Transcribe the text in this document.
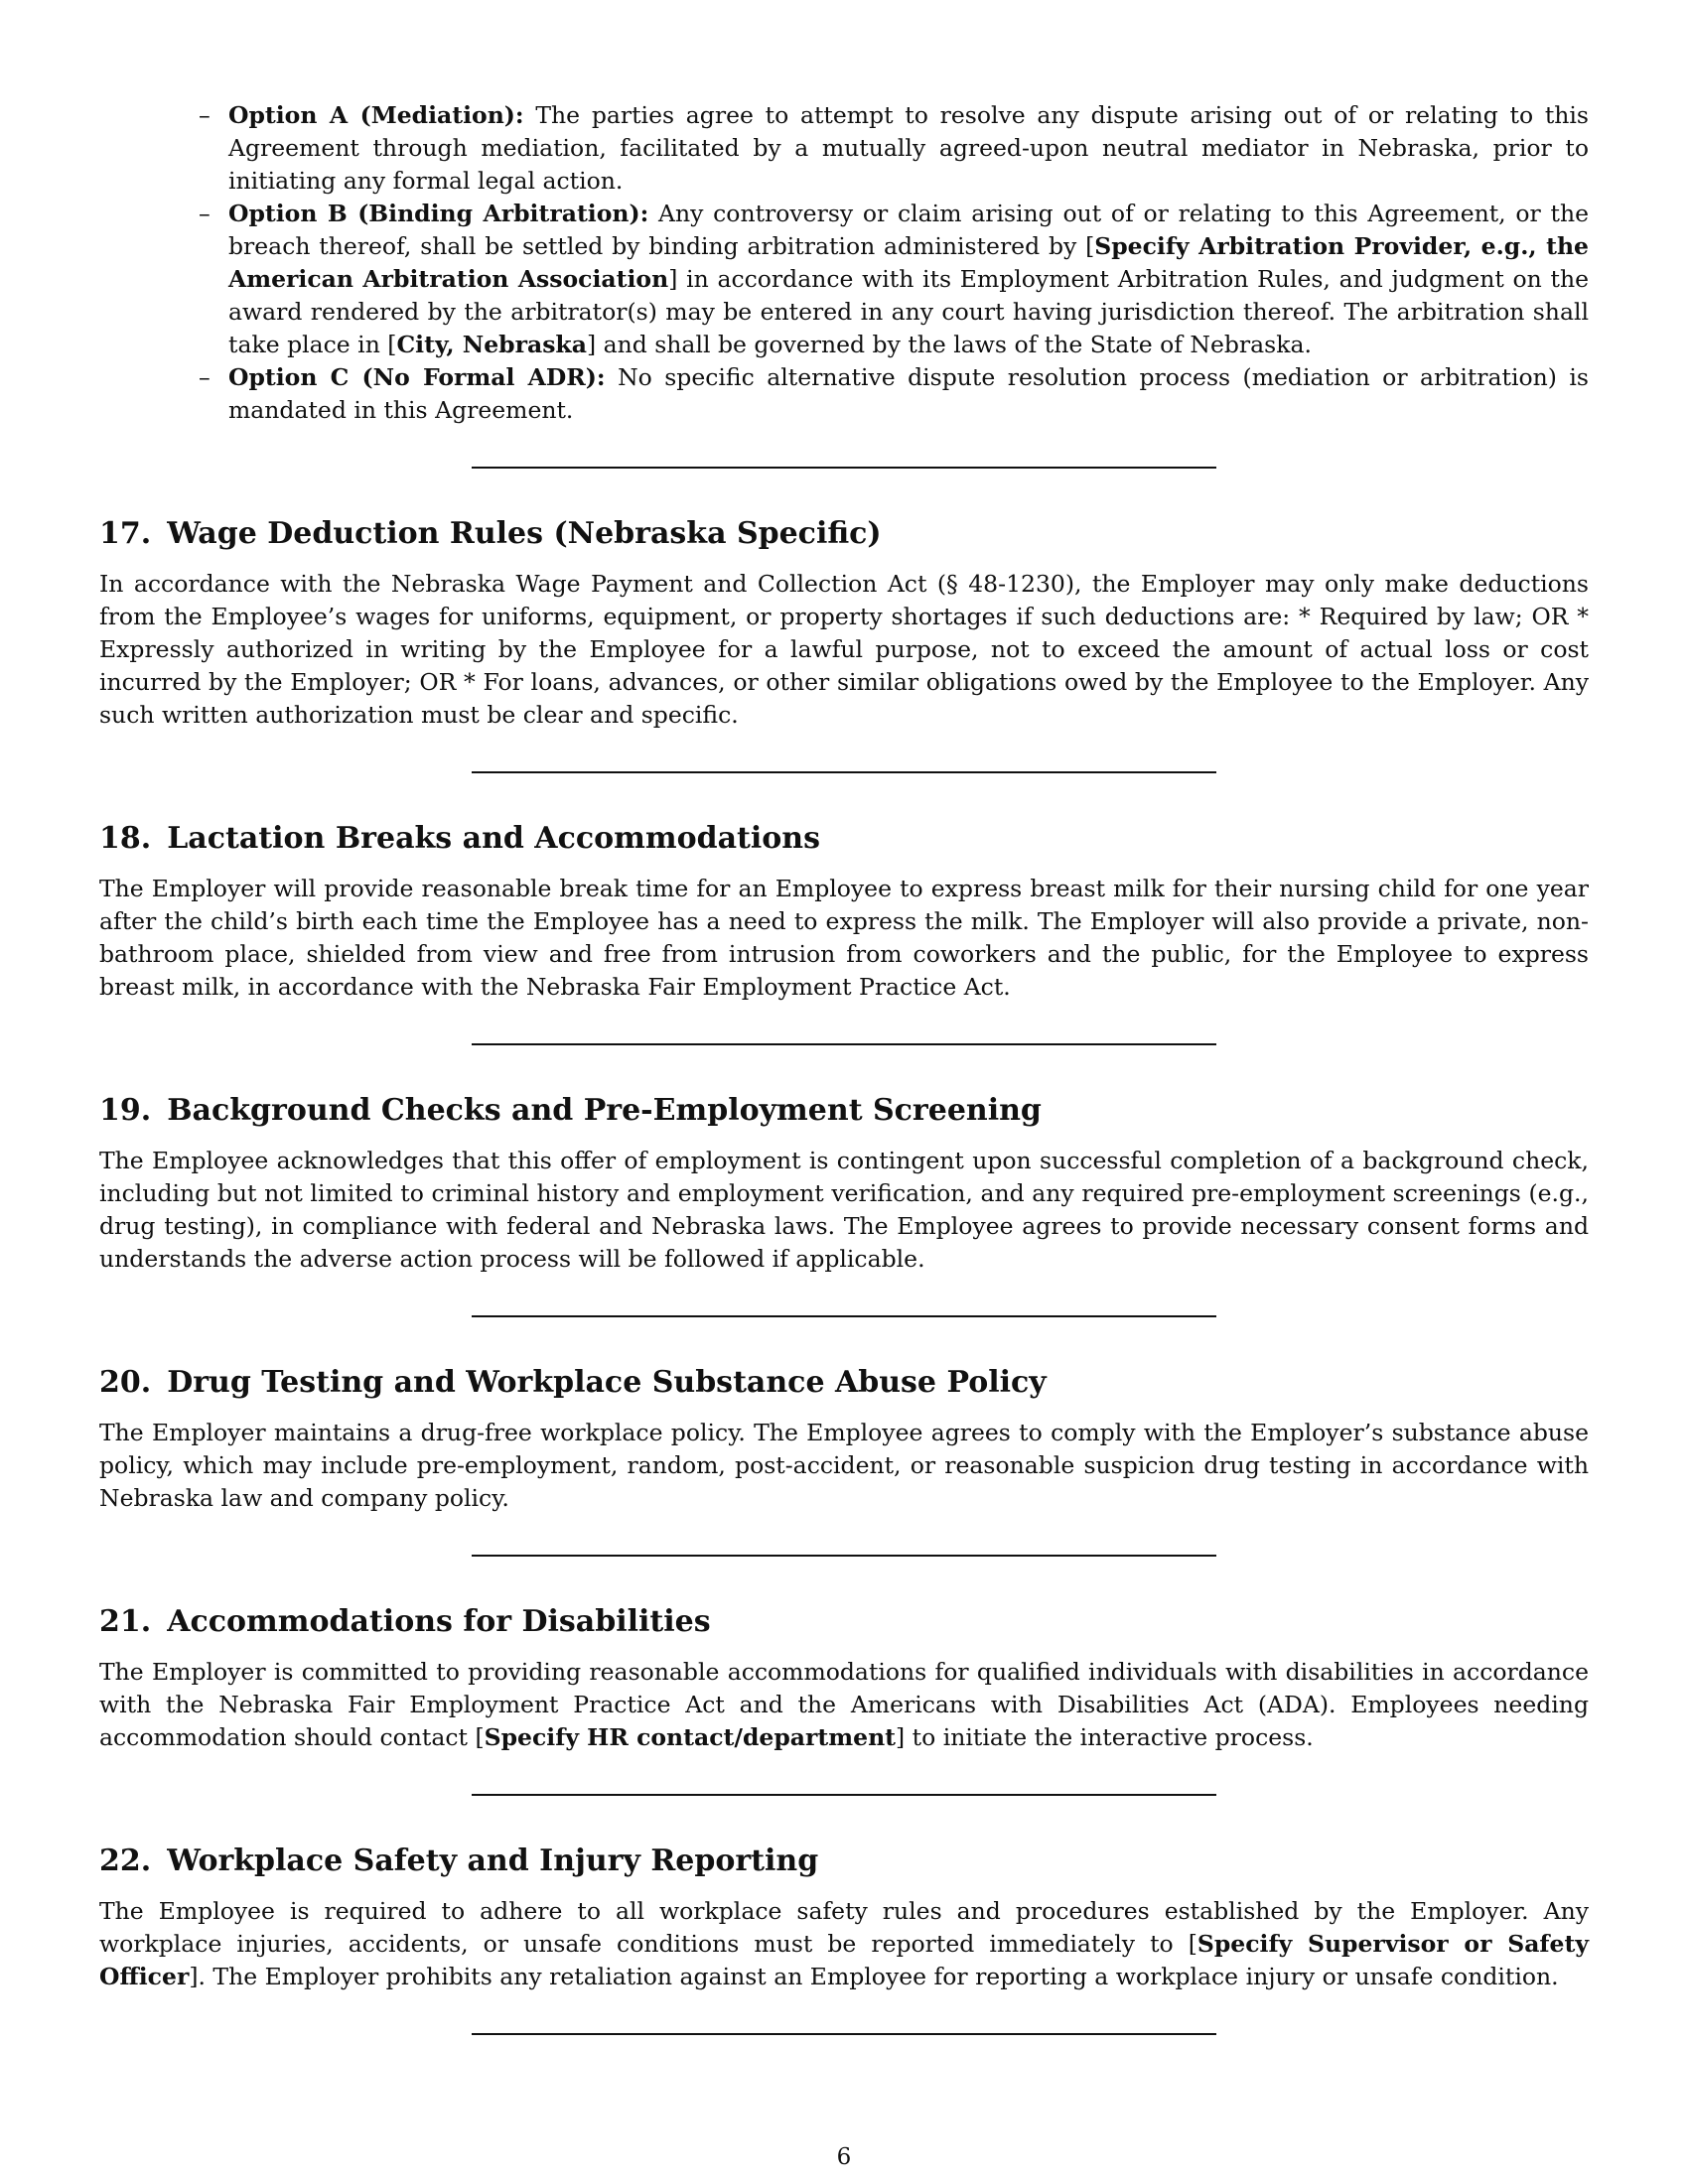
– Option A (Mediation): The parties agree to attempt to resolve any dispute arising out of or relating to this Agreement through mediation, facilitated by a mutually agreed-upon neutral mediator in Nebraska, prior to initiating any formal legal action.
– Option B (Binding Arbitration): Any controversy or claim arising out of or relating to this Agreement, or the breach thereof, shall be settled by binding arbitration administered by [Specify Arbitration Provider, e.g., the American Arbitration Association] in accordance with its Employment Arbitration Rules, and judgment on the award rendered by the arbitrator(s) may be entered in any court having jurisdiction thereof. The arbitration shall take place in [City, Nebraska] and shall be governed by the laws of the State of Nebraska.
– Option C (No Formal ADR): No specific alternative dispute resolution process (mediation or arbitration) is mandated in this Agreement.
17. Wage Deduction Rules (Nebraska Specific)

In accordance with the Nebraska Wage Payment and Collection Act (§ 48-1230), the Employer may only make deductions from the Employee’s wages for uniforms, equipment, or property shortages if such deductions are: * Required by law; OR * Expressly authorized in writing by the Employee for a lawful purpose, not to exceed the amount of actual loss or cost incurred by the Employer; OR * For loans, advances, or other similar obligations owed by the Employee to the Employer. Any such written authorization must be clear and specific.

18. Lactation Breaks and Accommodations

The Employer will provide reasonable break time for an Employee to express breast milk for their nursing child for one year after the child’s birth each time the Employee has a need to express the milk. The Employer will also provide a private, non-bathroom place, shielded from view and free from intrusion from coworkers and the public, for the Employee to express breast milk, in accordance with the Nebraska Fair Employment Practice Act.

19. Background Checks and Pre-Employment Screening

The Employee acknowledges that this offer of employment is contingent upon successful completion of a background check, including but not limited to criminal history and employment verification, and any required pre-employment screenings (e.g., drug testing), in compliance with federal and Nebraska laws. The Employee agrees to provide necessary consent forms and understands the adverse action process will be followed if applicable.

20. Drug Testing and Workplace Substance Abuse Policy

The Employer maintains a drug-free workplace policy. The Employee agrees to comply with the Employer’s substance abuse policy, which may include pre-employment, random, post-accident, or reasonable suspicion drug testing in accordance with Nebraska law and company policy.

21. Accommodations for Disabilities

The Employer is committed to providing reasonable accommodations for qualified individuals with disabilities in accordance with the Nebraska Fair Employment Practice Act and the Americans with Disabilities Act (ADA). Employees needing accommodation should contact [Specify HR contact/department] to initiate the interactive process.

22. Workplace Safety and Injury Reporting

The Employee is required to adhere to all workplace safety rules and procedures established by the Employer. Any workplace injuries, accidents, or unsafe conditions must be reported immediately to [Specify Supervisor or Safety Officer]. The Employer prohibits any retaliation against an Employee for reporting a workplace injury or unsafe condition.

6
